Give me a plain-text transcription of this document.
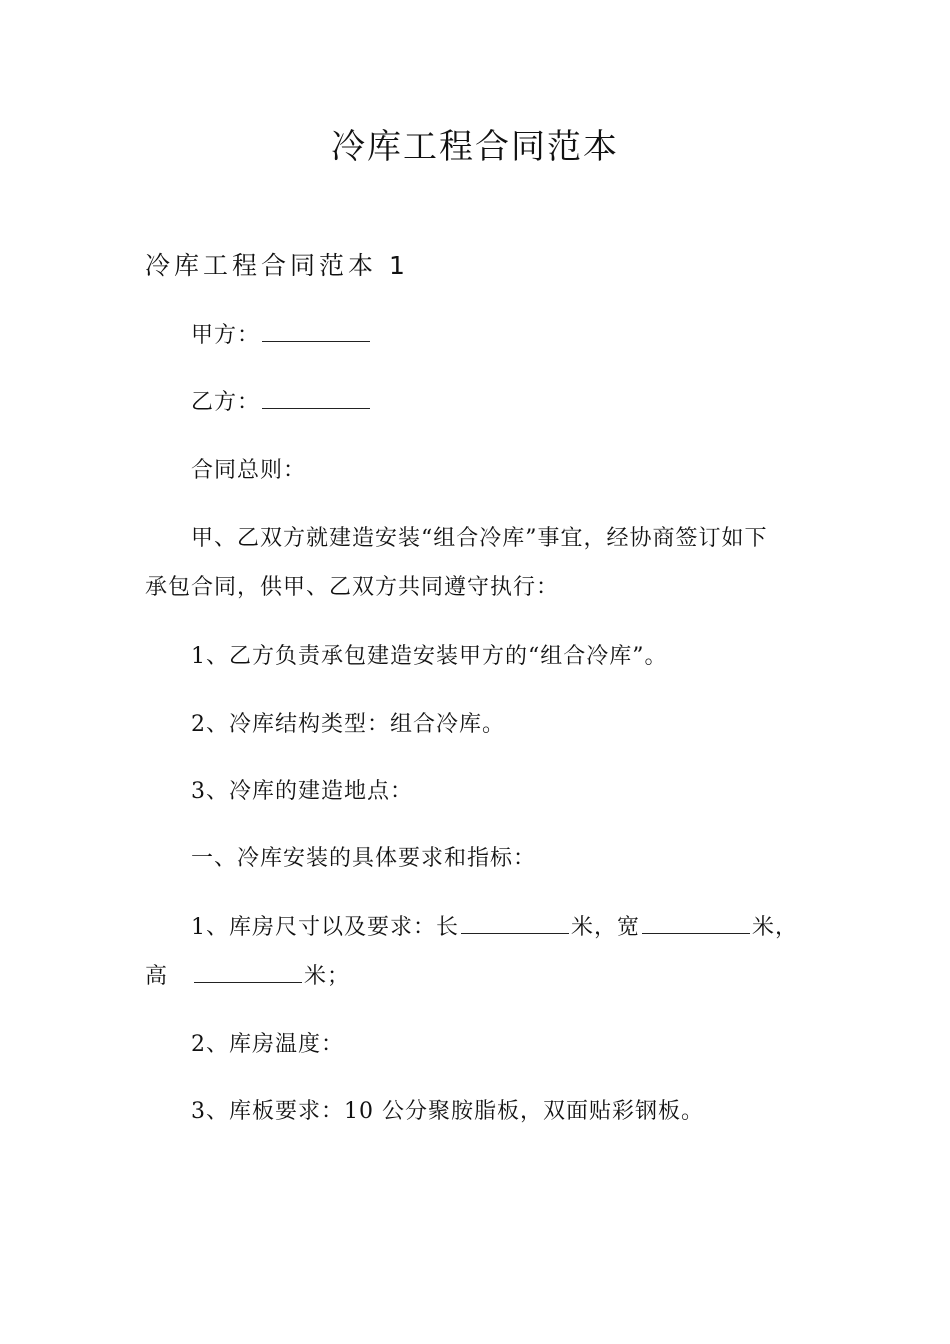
冷库工程合同范本
冷库工程合同范本 1
甲方：
乙方：
合同总则：
甲、乙双方就建造安装“组合冷库”事宜，经协商签订如下
承包合同，供甲、乙双方共同遵守执行：
1、乙方负责承包建造安装甲方的“组合冷库”。
2、冷库结构类型：组合冷库。
3、冷库的建造地点：
一、冷库安装的具体要求和指标：
1、库房尺寸以及要求：长	米，宽	米，
高	米；
2、库房温度：
3、库板要求：10 公分聚胺脂板，双面贴彩钢板。
